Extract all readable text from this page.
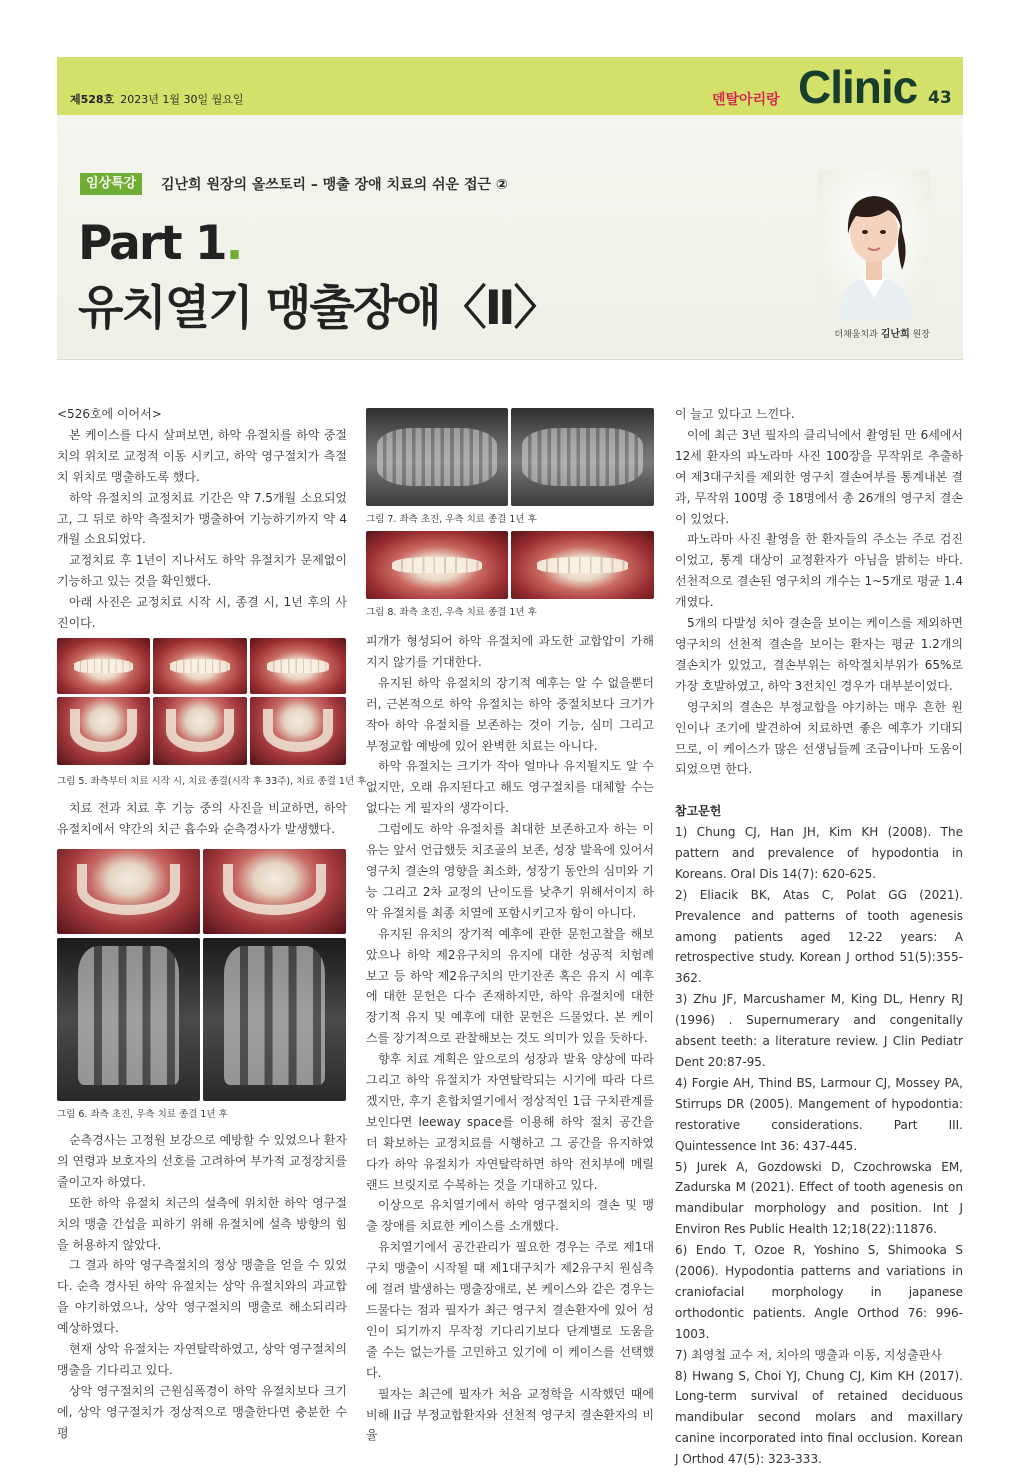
제528호 2023년 1월 30일 월요일	덴탈아리랑 Clinic 43
임상특강	김난희 원장의 올쓰토리 – 맹출 장애 치료의 쉬운 접근 ②
Part 1.
유치열기 맹출장애〈Ⅱ〉	더채움치과 김난희 원장

<526호에 이어서>

본 케이스를 다시 살펴보면, 하악 유절치를 하악 중절치의 위치로 교정적 이동 시키고, 하악 영구절치가 측절치 위치로 맹출하도록 했다.

하악 유절치의 교정치료 기간은 약 7.5개월 소요되었고, 그 뒤로 하악 측절치가 맹출하여 기능하기까지 약 4개월 소요되었다.

교정치료 후 1년이 지나서도 하악 유절치가 문제없이 기능하고 있는 것을 확인했다.

아래 사진은 교정치료 시작 시, 종결 시, 1년 후의 사진이다.

그림 5. 좌측부터 치료 시작 시, 치료 종결(시작 후 33주), 치료 종결 1년 후

치료 전과 치료 후 기능 중의 사진을 비교하면, 하악 유절치에서 약간의 치근 흡수와 순측경사가 발생했다.

그림 6. 좌측 초진, 우측 치료 종결 1년 후

순측경사는 고정원 보강으로 예방할 수 있었으나 환자의 연령과 보호자의 선호를 고려하여 부가적 교정장치를 줄이고자 하였다.

또한 하악 유절치 치근의 설측에 위치한 하악 영구절치의 맹출 간섭을 피하기 위해 유절치에 설측 방향의 힘을 허용하지 않았다.

그 결과 하악 영구측절치의 정상 맹출을 얻을 수 있었다. 순측 경사된 하악 유절치는 상악 유절치와의 과교합을 야기하였으나, 상악 영구절치의 맹출로 해소되리라 예상하였다.

현재 상악 유절치는 자연탈락하였고, 상악 영구절치의 맹출을 기다리고 있다.

상악 영구절치의 근원심폭경이 하악 유절치보다 크기에, 상악 영구절치가 정상적으로 맹출한다면 충분한 수평

그림 7. 좌측 초진, 우측 치료 종결 1년 후
그림 8. 좌측 초진, 우측 치료 종결 1년 후

피개가 형성되어 하악 유절치에 과도한 교합압이 가해지지 않기를 기대한다.

유지된 하악 유절치의 장기적 예후는 알 수 없을뿐더러, 근본적으로 하악 유절치는 하악 중절치보다 크기가 작아 하악 유절치를 보존하는 것이 기능, 심미 그리고 부정교합 예방에 있어 완벽한 치료는 아니다.

하악 유절치는 크기가 작아 얼마나 유지될지도 알 수 없지만, 오래 유지된다고 해도 영구절치를 대체할 수는 없다는 게 필자의 생각이다.

그럼에도 하악 유절치를 최대한 보존하고자 하는 이유는 앞서 언급했듯 치조골의 보존, 성장 발육에 있어서 영구치 결손의 영향을 최소화, 성장기 동안의 심미와 기능 그리고 2차 교정의 난이도를 낮추기 위해서이지 하악 유절치를 최종 치열에 포함시키고자 함이 아니다.

유지된 유치의 장기적 예후에 관한 문헌고찰을 해보았으나 하악 제2유구치의 유지에 대한 성공적 치험례 보고 등 하악 제2유구치의 만기잔존 혹은 유지 시 예후에 대한 문헌은 다수 존재하지만, 하악 유절치에 대한 장기적 유지 및 예후에 대한 문헌은 드물었다. 본 케이스를 장기적으로 관찰해보는 것도 의미가 있을 듯하다.

향후 치료 계획은 앞으로의 성장과 발육 양상에 따라 그리고 하악 유절치가 자연탈락되는 시기에 따라 다르겠지만, 후기 혼합치열기에서 정상적인 1급 구치관계를 보인다면 leeway space를 이용해 하악 절치 공간을 더 확보하는 교정치료를 시행하고 그 공간을 유지하였다가 하악 유절치가 자연탈락하면 하악 전치부에 메릴랜드 브릿지로 수복하는 것을 기대하고 있다.

이상으로 유치열기에서 하악 영구절치의 결손 및 맹출 장애를 치료한 케이스를 소개했다.

유치열기에서 공간관리가 필요한 경우는 주로 제1대구치 맹출이 시작될 때 제1대구치가 제2유구치 원심측에 걸려 발생하는 맹출장애로, 본 케이스와 같은 경우는 드물다는 점과 필자가 최근 영구치 결손환자에 있어 성인이 되기까지 무작정 기다리기보다 단계별로 도움을 줄 수는 없는가를 고민하고 있기에 이 케이스를 선택했다.

필자는 최근에 필자가 처음 교정학을 시작했던 때에 비해 II급 부정교합환자와 선천적 영구치 결손환자의 비율

이 늘고 있다고 느낀다.

이에 최근 3년 필자의 클리닉에서 촬영된 만 6세에서 12세 환자의 파노라마 사진 100장을 무작위로 추출하여 제3대구치를 제외한 영구치 결손여부를 통계내본 결과, 무작위 100명 중 18명에서 총 26개의 영구치 결손이 있었다.

파노라마 사진 촬영을 한 환자들의 주소는 주로 검진이었고, 통계 대상이 교정환자가 아님을 밝히는 바다. 선천적으로 결손된 영구치의 개수는 1~5개로 평균 1.4개였다.

5개의 다발성 치아 결손을 보이는 케이스를 제외하면 영구치의 선천적 결손을 보이는 환자는 평균 1.2개의 결손치가 있었고, 결손부위는 하악절치부위가 65%로 가장 호발하였고, 하악 3전치인 경우가 대부분이었다.

영구치의 결손은 부정교합을 야기하는 매우 흔한 원인이나 조기에 발견하여 치료하면 좋은 예후가 기대되므로, 이 케이스가 많은 선생님들께 조금이나마 도움이 되었으면 한다.

참고문헌

1) Chung CJ, Han JH, Kim KH (2008). The pattern and prevalence of hypodontia in Koreans. Oral Dis 14(7): 620-625.

2) Eliacik BK, Atas C, Polat GG (2021). Prevalence and patterns of tooth agenesis among patients aged 12-22 years: A retrospective study. Korean J orthod 51(5):355-362.

3) Zhu JF, Marcushamer M, King DL, Henry RJ (1996) . Supernumerary and congenitally absent teeth: a literature review. J Clin Pediatr Dent 20:87-95.

4) Forgie AH, Thind BS, Larmour CJ, Mossey PA, Stirrups DR (2005). Mangement of hypodontia: restorative considerations. Part III. Quintessence Int 36: 437-445.

5) Jurek A, Gozdowski D, Czochrowska EM, Zadurska M (2021). Effect of tooth agenesis on mandibular morphology and position. Int J Environ Res Public Health 12;18(22):11876.

6) Endo T, Ozoe R, Yoshino S, Shimooka S (2006). Hypodontia patterns and variations in craniofacial morphology in japanese orthodontic patients. Angle Orthod 76: 996-1003.

7) 최영철 교수 저, 치아의 맹출과 이동, 지성출판사

8) Hwang S, Choi YJ, Chung CJ, Kim KH (2017). Long-term survival of retained deciduous mandibular second molars and maxillary canine incorporated into final occlusion. Korean J Orthod 47(5): 323-333.
